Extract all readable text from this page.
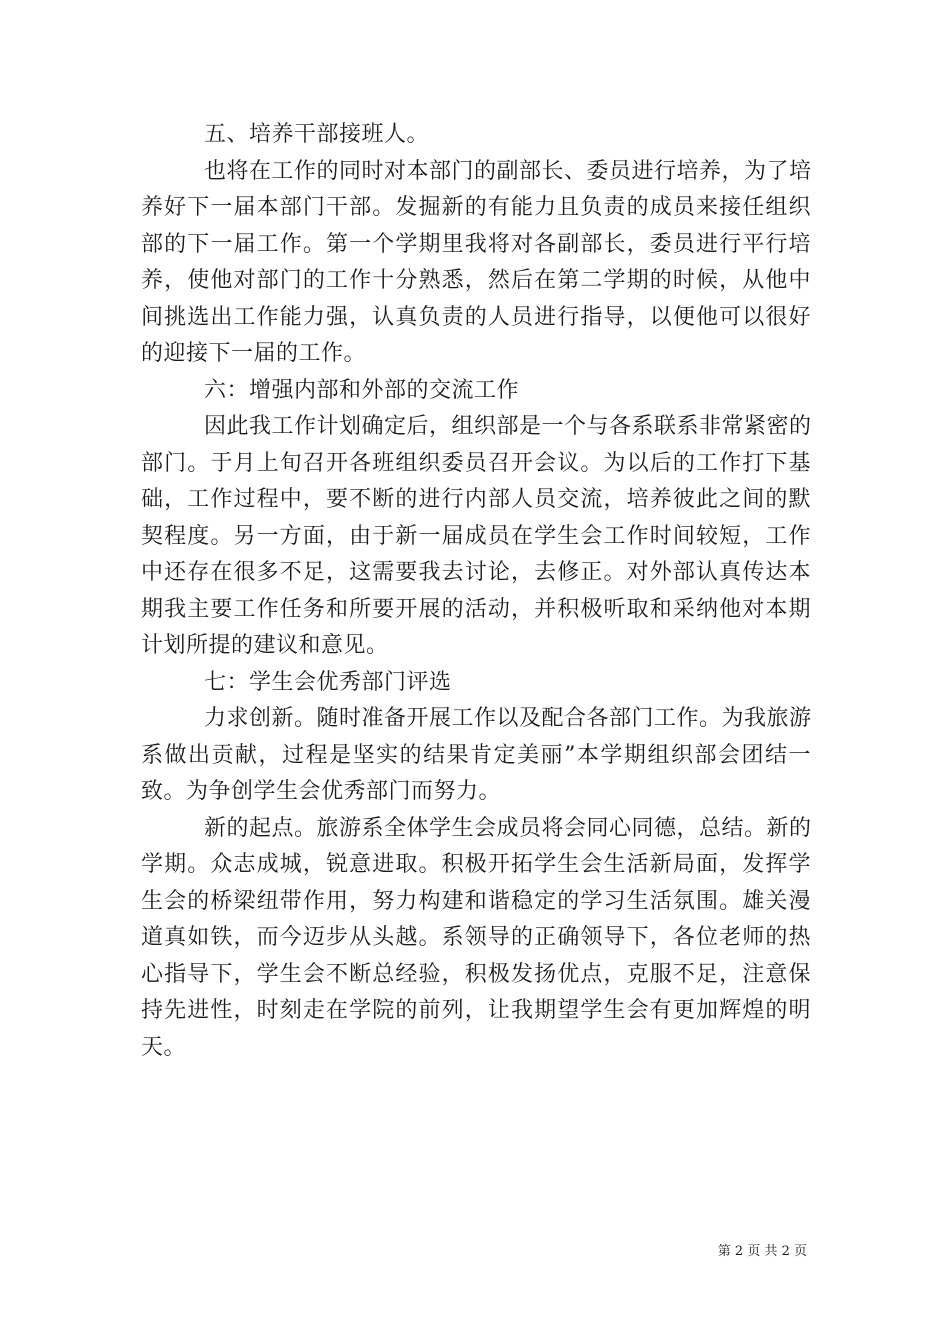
五、培养干部接班人。
也将在工作的同时对本部门的副部长、委员进行培养，为了培
养好下一届本部门干部。发掘新的有能力且负责的成员来接任组织
部的下一届工作。第一个学期里我将对各副部长，委员进行平行培
养，使他对部门的工作十分熟悉，然后在第二学期的时候，从他中
间挑选出工作能力强，认真负责的人员进行指导，以便他可以很好
的迎接下一届的工作。
六：增强内部和外部的交流工作
因此我工作计划确定后，组织部是一个与各系联系非常紧密的
部门。于月上旬召开各班组织委员召开会议。为以后的工作打下基
础，工作过程中，要不断的进行内部人员交流，培养彼此之间的默
契程度。另一方面，由于新一届成员在学生会工作时间较短，工作
中还存在很多不足，这需要我去讨论，去修正。对外部认真传达本
期我主要工作任务和所要开展的活动，并积极听取和采纳他对本期
计划所提的建议和意见。
七：学生会优秀部门评选
力求创新。随时准备开展工作以及配合各部门工作。为我旅游
系做出贡献，过程是坚实的结果肯定美丽”本学期组织部会团结一
致。为争创学生会优秀部门而努力。
新的起点。旅游系全体学生会成员将会同心同德，总结。新的
学期。众志成城，锐意进取。积极开拓学生会生活新局面，发挥学
生会的桥梁纽带作用，努力构建和谐稳定的学习生活氛围。雄关漫
道真如铁，而今迈步从头越。系领导的正确领导下，各位老师的热
心指导下，学生会不断总经验，积极发扬优点，克服不足，注意保
持先进性，时刻走在学院的前列，让我期望学生会有更加辉煌的明
天。
第 2 页 共 2 页
